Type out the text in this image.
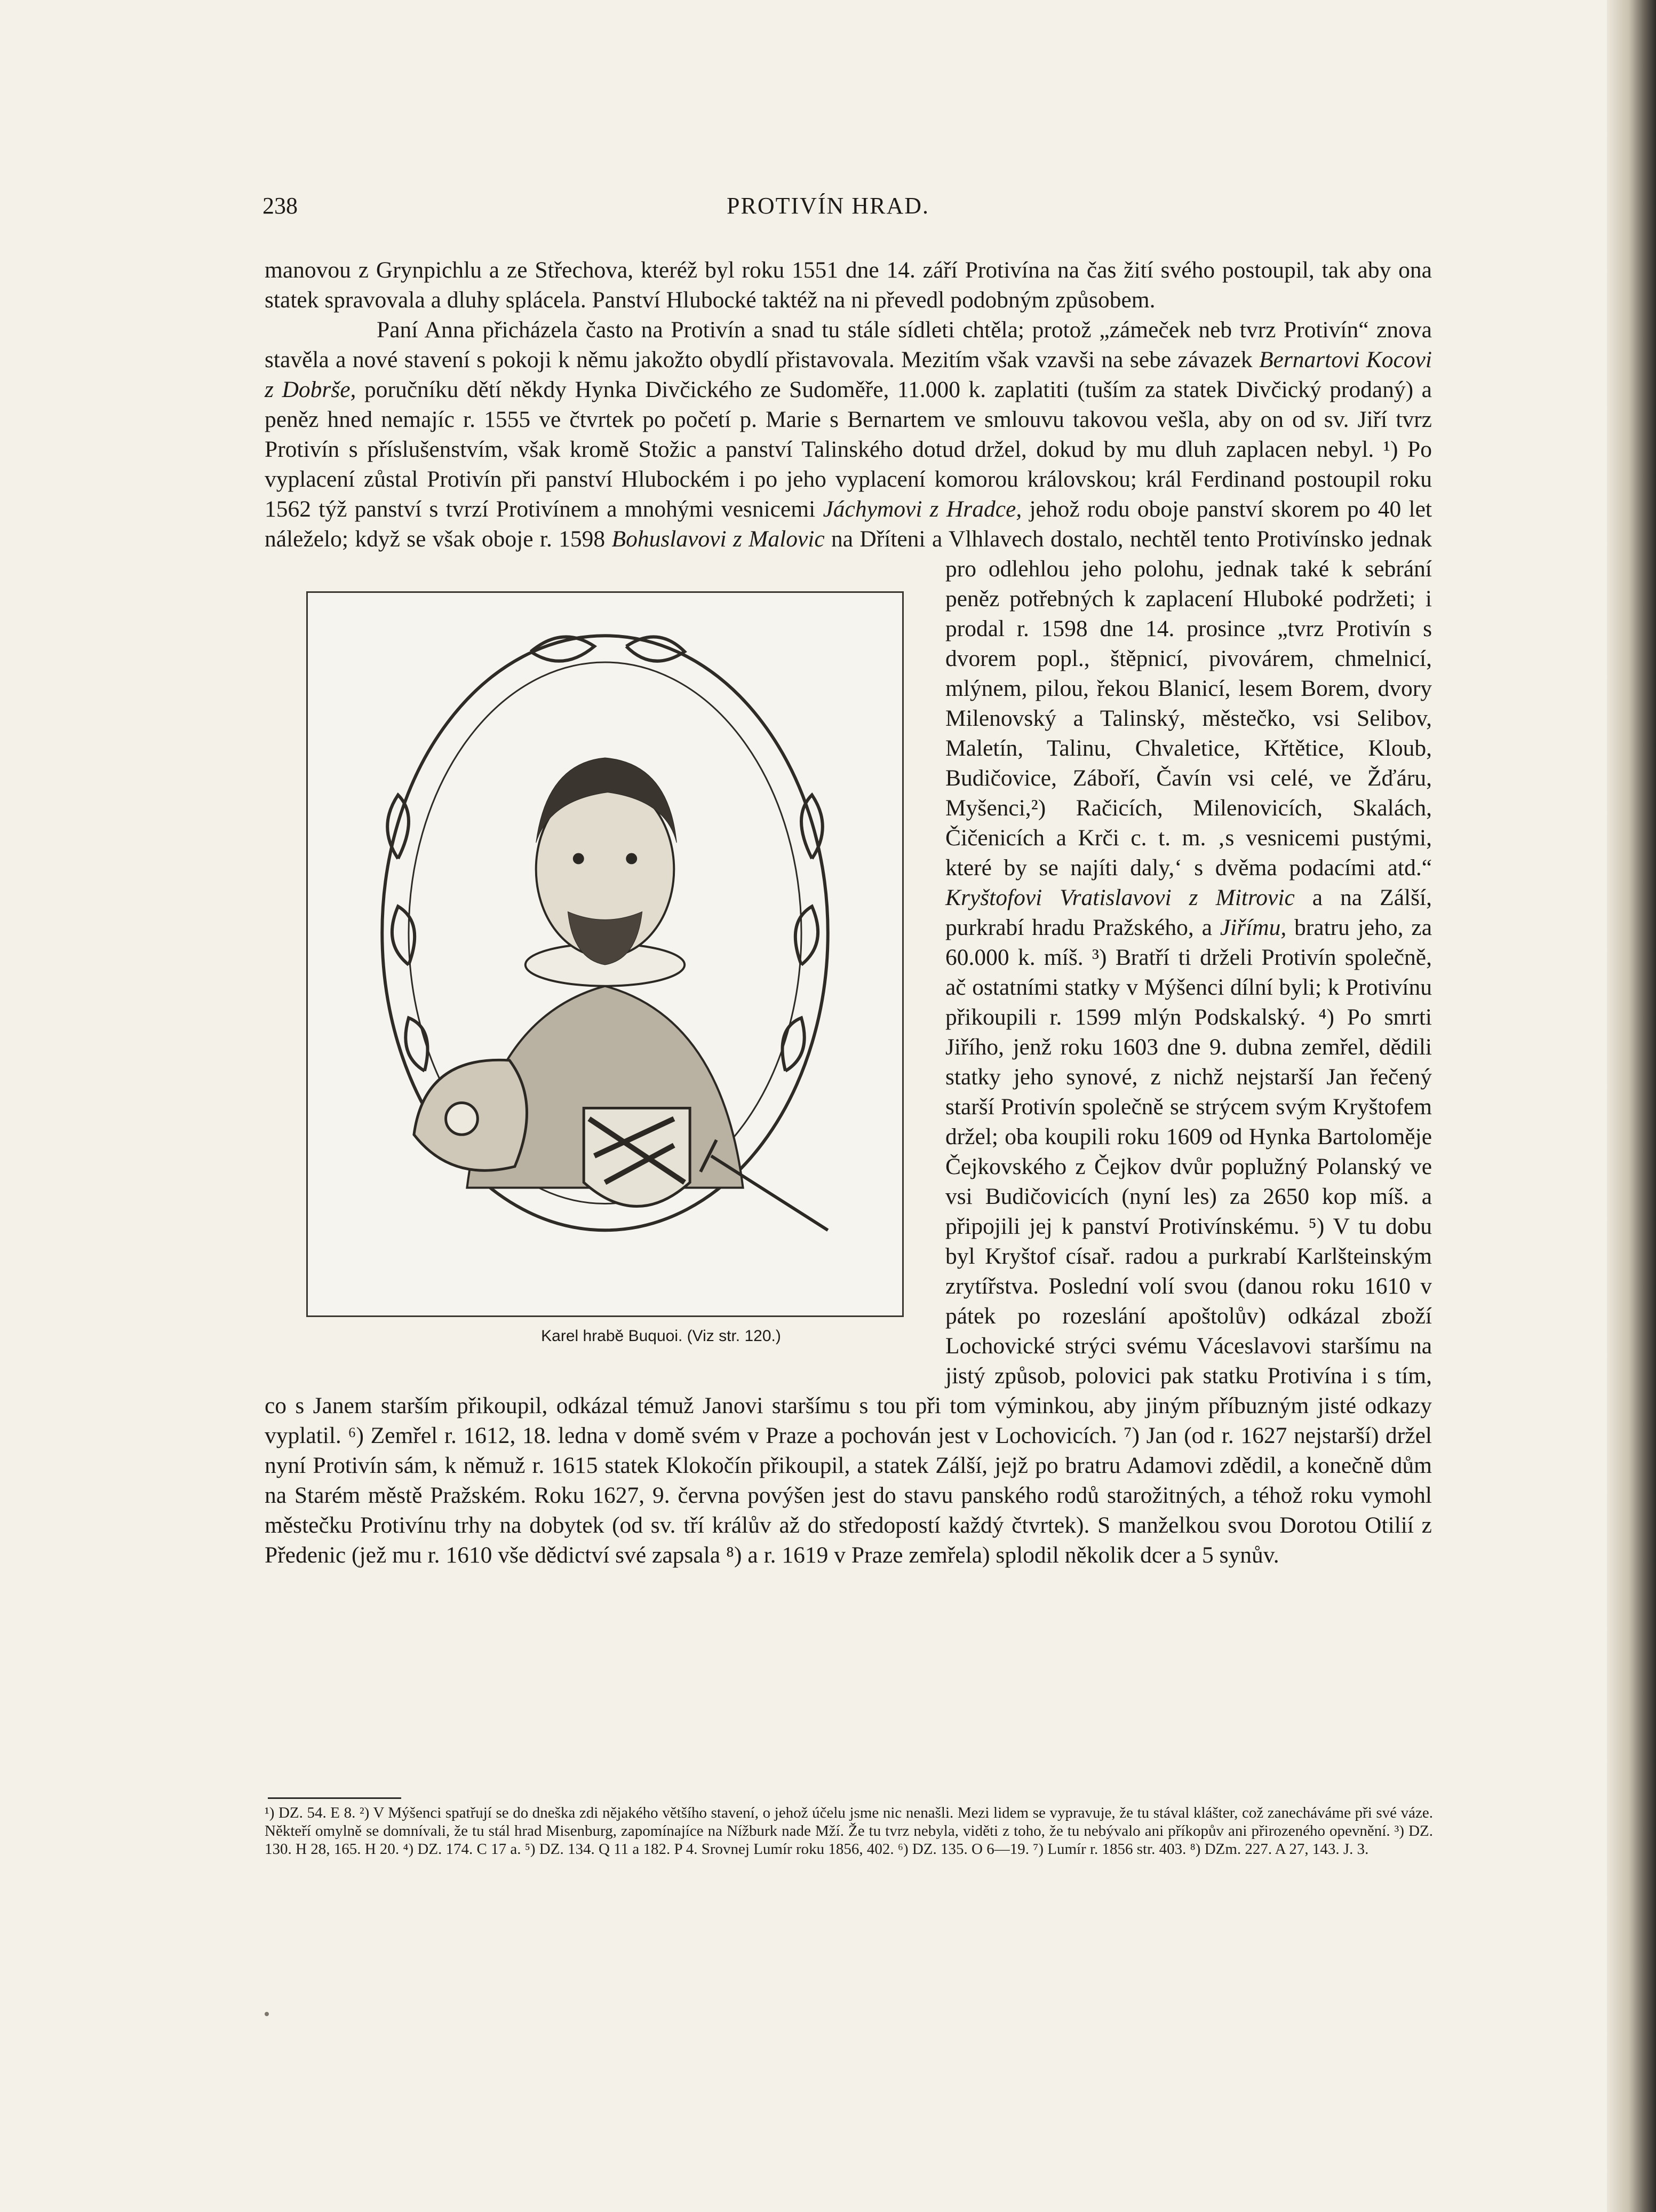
PROTIVÍN HRAD.
238

manovou z Grynpichlu a ze Střechova, kteréž byl roku 1551 dne 14. září Protivína na čas žití svého postoupil, tak aby ona statek spravovala a dluhy splácela. Panství Hlubocké taktéž na ni převedl podobným způsobem.

Paní Anna přicházela často na Protivín a snad tu stále sídleti chtěla; protož „zámeček neb tvrz Protivín“ znova stavěla a nové stavení s pokoji k němu jakožto obydlí přistavovala. Mezitím však vzavši na sebe závazek Bernartovi Kocovi z Dobrše, poručníku dětí někdy Hynka Divčického ze Sudoměře, 11.000 k. zaplatiti (tuším za statek Divčický prodaný) a peněz hned nemajíc r. 1555 ve čtvrtek po početí p. Marie s Bernartem ve smlouvu takovou vešla, aby on od sv. Jiří tvrz Protivín s příslušenstvím, však kromě Stožic a panství Talinského dotud držel, dokud by mu dluh zaplacen nebyl. ¹) Po vyplacení zůstal Protivín při panství Hlubockém i po jeho vyplacení komorou královskou; král Ferdinand postoupil roku 1562 týž panství s tvrzí Protivínem a mnohými vesnicemi Jáchymovi z Hradce, jehož rodu oboje panství skorem po 40 let náleželo; když se však oboje r. 1598 Bohuslavovi z Malovic na Dříteni a Vlhlavech dostalo, nechtěl tento
Karel hrabě Buquoi. (Viz str. 120.)
Protivínsko jednak pro odlehlou jeho polohu, jednak také k sebrání peněz potřebných k zaplacení Hluboké podržeti; i prodal r. 1598 dne 14. prosince „tvrz Protivín s dvorem popl., štěpnicí, pivovárem, chmelnicí, mlýnem, pilou, řekou Blanicí, lesem Borem, dvory Milenovský a Talinský, městečko, vsi Selibov, Maletín, Talinu, Chvaletice, Křtětice, Kloub, Budičovice, Záboří, Čavín vsi celé, ve Žďáru, Myšenci,²) Račicích, Milenovicích, Skalách, Čičenicích a Krči c. t. m. ‚s vesnicemi pustými, které by se najíti daly,‘ s dvěma podacími atd.“ Kryštofovi Vratislavovi z Mitrovic a na Zálší, purkrabí hradu Pražského, a Jiřímu, bratru jeho, za 60.000 k. míš. ³) Bratří ti drželi Protivín společně, ač ostatními statky v Mýšenci dílní byli; k Protivínu přikoupili r. 1599 mlýn Podskalský. ⁴) Po smrti Jiřího, jenž roku 1603 dne 9. dubna zemřel, dědili statky jeho synové, z nichž nejstarší Jan řečený starší Protivín společně se strýcem svým Kryštofem držel; oba koupili roku 1609 od Hynka Bartoloměje Čejkovského z Čejkov dvůr poplužný Polanský ve vsi Budičovicích (nyní les) za 2650 kop míš. a připojili jej k panství Protivínskému. ⁵) V tu dobu byl Kryštof císař. radou a purkrabí Karlšteinským zrytířstva. Poslední volí svou (danou roku 1610 v pátek po rozeslání apoštolův) odkázal zboží Lochovické strýci svému Váceslavovi staršímu na jistý způsob, polovici pak statku Protivína i s tím, co s Janem starším přikoupil, odkázal témuž Janovi staršímu s tou při tom výminkou, aby jiným příbuzným jisté odkazy vyplatil. ⁶) Zemřel r. 1612, 18. ledna v domě svém v Praze a pochován jest v Lochovicích. ⁷) Jan (od r. 1627 nejstarší) držel nyní Protivín sám, k němuž r. 1615 statek Klokočín přikoupil, a statek Zálší, jejž po bratru Adamovi zdědil, a konečně dům na Starém městě Pražském. Roku 1627, 9. června povýšen jest do stavu panského rodů starožitných, a téhož roku vymohl městečku Protivínu trhy na dobytek (od sv. tří králův až do středopostí každý čtvrtek). S manželkou svou Dorotou Otilií z Předenic (jež mu r. 1610 vše dědictví své zapsala ⁸) a r. 1619 v Praze zemřela) splodil několik dcer a 5 synův.

¹) DZ. 54. E 8. ²) V Mýšenci spatřují se do dneška zdi nějakého většího stavení, o jehož účelu jsme nic nenašli. Mezi lidem se vypravuje, že tu stával klášter, což zanecháváme při své váze. Někteří omylně se domnívali, že tu stál hrad Misenburg, zapomínajíce na Nížburk nade Mží. Že tu tvrz nebyla, viděti z toho, že tu nebývalo ani příkopův ani přirozeného opevnění. ³) DZ. 130. H 28, 165. H 20. ⁴) DZ. 174. C 17 a. ⁵) DZ. 134. Q 11 a 182. P 4. Srovnej Lumír roku 1856, 402. ⁶) DZ. 135. O 6—19. ⁷) Lumír r. 1856 str. 403. ⁸) DZm. 227. A 27, 143. J. 3.
